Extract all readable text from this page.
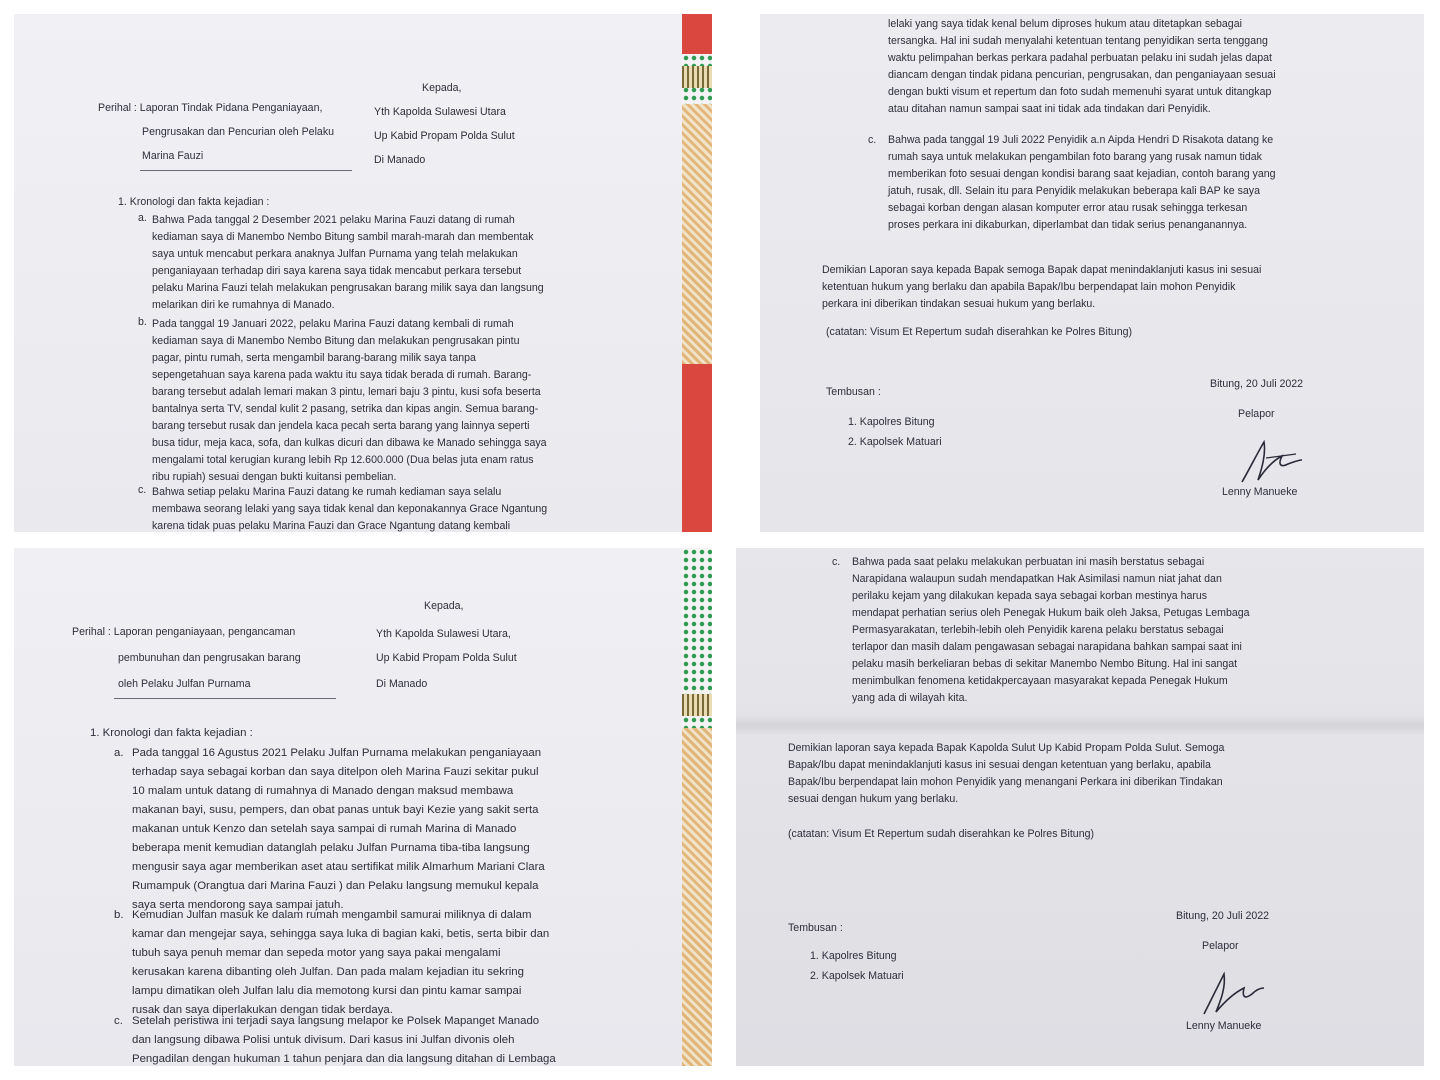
Kepada,
Perihal : Laporan Tindak Pidana Penganiayaan,
Pengrusakan dan Pencurian oleh Pelaku
Marina Fauzi
Yth Kapolda Sulawesi Utara
Up Kabid Propam Polda Sulut
Di Manado
1. Kronologi dan fakta kejadian :
a. Bahwa Pada tanggal 2 Desember 2021 pelaku Marina Fauzi datang di rumah
kediaman saya di Manembo Nembo Bitung sambil marah-marah dan membentak
saya untuk mencabut perkara anaknya Julfan Purnama yang telah melakukan
penganiayaan terhadap diri saya karena saya tidak mencabut perkara tersebut
pelaku Marina Fauzi telah melakukan pengrusakan barang milik saya dan langsung
melarikan diri ke rumahnya di Manado.
b. Pada tanggal 19 Januari 2022, pelaku Marina Fauzi datang kembali di rumah
kediaman saya di Manembo Nembo Bitung dan melakukan pengrusakan pintu
pagar, pintu rumah, serta mengambil barang-barang milik saya tanpa
sepengetahuan saya karena pada waktu itu saya tidak berada di rumah. Barang-
barang tersebut adalah lemari makan 3 pintu, lemari baju 3 pintu, kusi sofa beserta
bantalnya serta TV, sendal kulit 2 pasang, setrika dan kipas angin. Semua barang-
barang tersebut rusak dan jendela kaca pecah serta barang yang lainnya seperti
busa tidur, meja kaca, sofa, dan kulkas dicuri dan dibawa ke Manado sehingga saya
mengalami total kerugian kurang lebih Rp 12.600.000 (Dua belas juta enam ratus
ribu rupiah) sesuai dengan bukti kuitansi pembelian.
c. Bahwa setiap pelaku Marina Fauzi datang ke rumah kediaman saya selalu
membawa seorang lelaki yang saya tidak kenal dan keponakannya Grace Ngantung
karena tidak puas pelaku Marina Fauzi dan Grace Ngantung datang kembali
lelaki yang saya tidak kenal belum diproses hukum atau ditetapkan sebagai
tersangka. Hal ini sudah menyalahi ketentuan tentang penyidikan serta tenggang
waktu pelimpahan berkas perkara padahal perbuatan pelaku ini sudah jelas dapat
diancam dengan tindak pidana pencurian, pengrusakan, dan penganiayaan sesuai
dengan bukti visum et repertum dan foto sudah memenuhi syarat untuk ditangkap
atau ditahan namun sampai saat ini tidak ada tindakan dari Penyidik.
c. Bahwa pada tanggal 19 Juli 2022 Penyidik a.n Aipda Hendri D Risakota datang ke
rumah saya untuk melakukan pengambilan foto barang yang rusak namun tidak
memberikan foto sesuai dengan kondisi barang saat kejadian, contoh barang yang
jatuh, rusak, dll. Selain itu para Penyidik melakukan beberapa kali BAP ke saya
sebagai korban dengan alasan komputer error atau rusak sehingga terkesan
proses perkara ini dikaburkan, diperlambat dan tidak serius penanganannya.
Demikian Laporan saya kepada Bapak semoga Bapak dapat menindaklanjuti kasus ini sesuai
ketentuan hukum yang berlaku dan apabila Bapak/Ibu berpendapat lain mohon Penyidik
perkara ini diberikan tindakan sesuai hukum yang berlaku.
(catatan: Visum Et Repertum sudah diserahkan ke Polres Bitung)
Tembusan :
1. Kapolres Bitung
2. Kapolsek Matuari
Bitung, 20 Juli 2022
Pelapor
Lenny Manueke
Kepada,
Perihal : Laporan penganiayaan, pengancaman
pembunuhan dan pengrusakan barang
oleh Pelaku Julfan Purnama
Yth Kapolda Sulawesi Utara,
Up Kabid Propam Polda Sulut
Di Manado
1. Kronologi dan fakta kejadian :
a. Pada tanggal 16 Agustus 2021 Pelaku Julfan Purnama melakukan penganiayaan
terhadap saya sebagai korban dan saya ditelpon oleh Marina Fauzi sekitar pukul
10 malam untuk datang di rumahnya di Manado dengan maksud membawa
makanan bayi, susu, pempers, dan obat panas untuk bayi Kezie yang sakit serta
makanan untuk Kenzo dan setelah saya sampai di rumah Marina di Manado
beberapa menit kemudian datanglah pelaku Julfan Purnama tiba-tiba langsung
mengusir saya agar memberikan aset atau sertifikat milik Almarhum Mariani Clara
Rumampuk (Orangtua dari Marina Fauzi ) dan Pelaku langsung memukul kepala
saya serta mendorong saya sampai jatuh.
b. Kemudian Julfan masuk ke dalam rumah mengambil samurai miliknya di dalam
kamar dan mengejar saya, sehingga saya luka di bagian kaki, betis, serta bibir dan
tubuh saya penuh memar dan sepeda motor yang saya pakai mengalami
kerusakan karena dibanting oleh Julfan. Dan pada malam kejadian itu sekring
lampu dimatikan oleh Julfan lalu dia memotong kursi dan pintu kamar sampai
rusak dan saya diperlakukan dengan tidak berdaya.
c. Setelah peristiwa ini terjadi saya langsung melapor ke Polsek Mapanget Manado
dan langsung dibawa Polisi untuk divisum. Dari kasus ini Julfan divonis oleh
Pengadilan dengan hukuman 1 tahun penjara dan dia langsung ditahan di Lembaga
c. Bahwa pada saat pelaku melakukan perbuatan ini masih berstatus sebagai
Narapidana walaupun sudah mendapatkan Hak Asimilasi namun niat jahat dan
perilaku kejam yang dilakukan kepada saya sebagai korban mestinya harus
mendapat perhatian serius oleh Penegak Hukum baik oleh Jaksa, Petugas Lembaga
Permasyarakatan, terlebih-lebih oleh Penyidik karena pelaku berstatus sebagai
terlapor dan masih dalam pengawasan sebagai narapidana bahkan sampai saat ini
pelaku masih berkeliaran bebas di sekitar Manembo Nembo Bitung. Hal ini sangat
menimbulkan fenomena ketidakpercayaan masyarakat kepada Penegak Hukum
yang ada di wilayah kita.
Demikian laporan saya kepada Bapak Kapolda Sulut Up Kabid Propam Polda Sulut. Semoga
Bapak/Ibu dapat menindaklanjuti kasus ini sesuai dengan ketentuan yang berlaku, apabila
Bapak/Ibu berpendapat lain mohon Penyidik yang menangani Perkara ini diberikan Tindakan
sesuai dengan hukum yang berlaku.
(catatan: Visum Et Repertum sudah diserahkan ke Polres Bitung)
Tembusan :
1. Kapolres Bitung
2. Kapolsek Matuari
Bitung, 20 Juli 2022
Pelapor
Lenny Manueke
